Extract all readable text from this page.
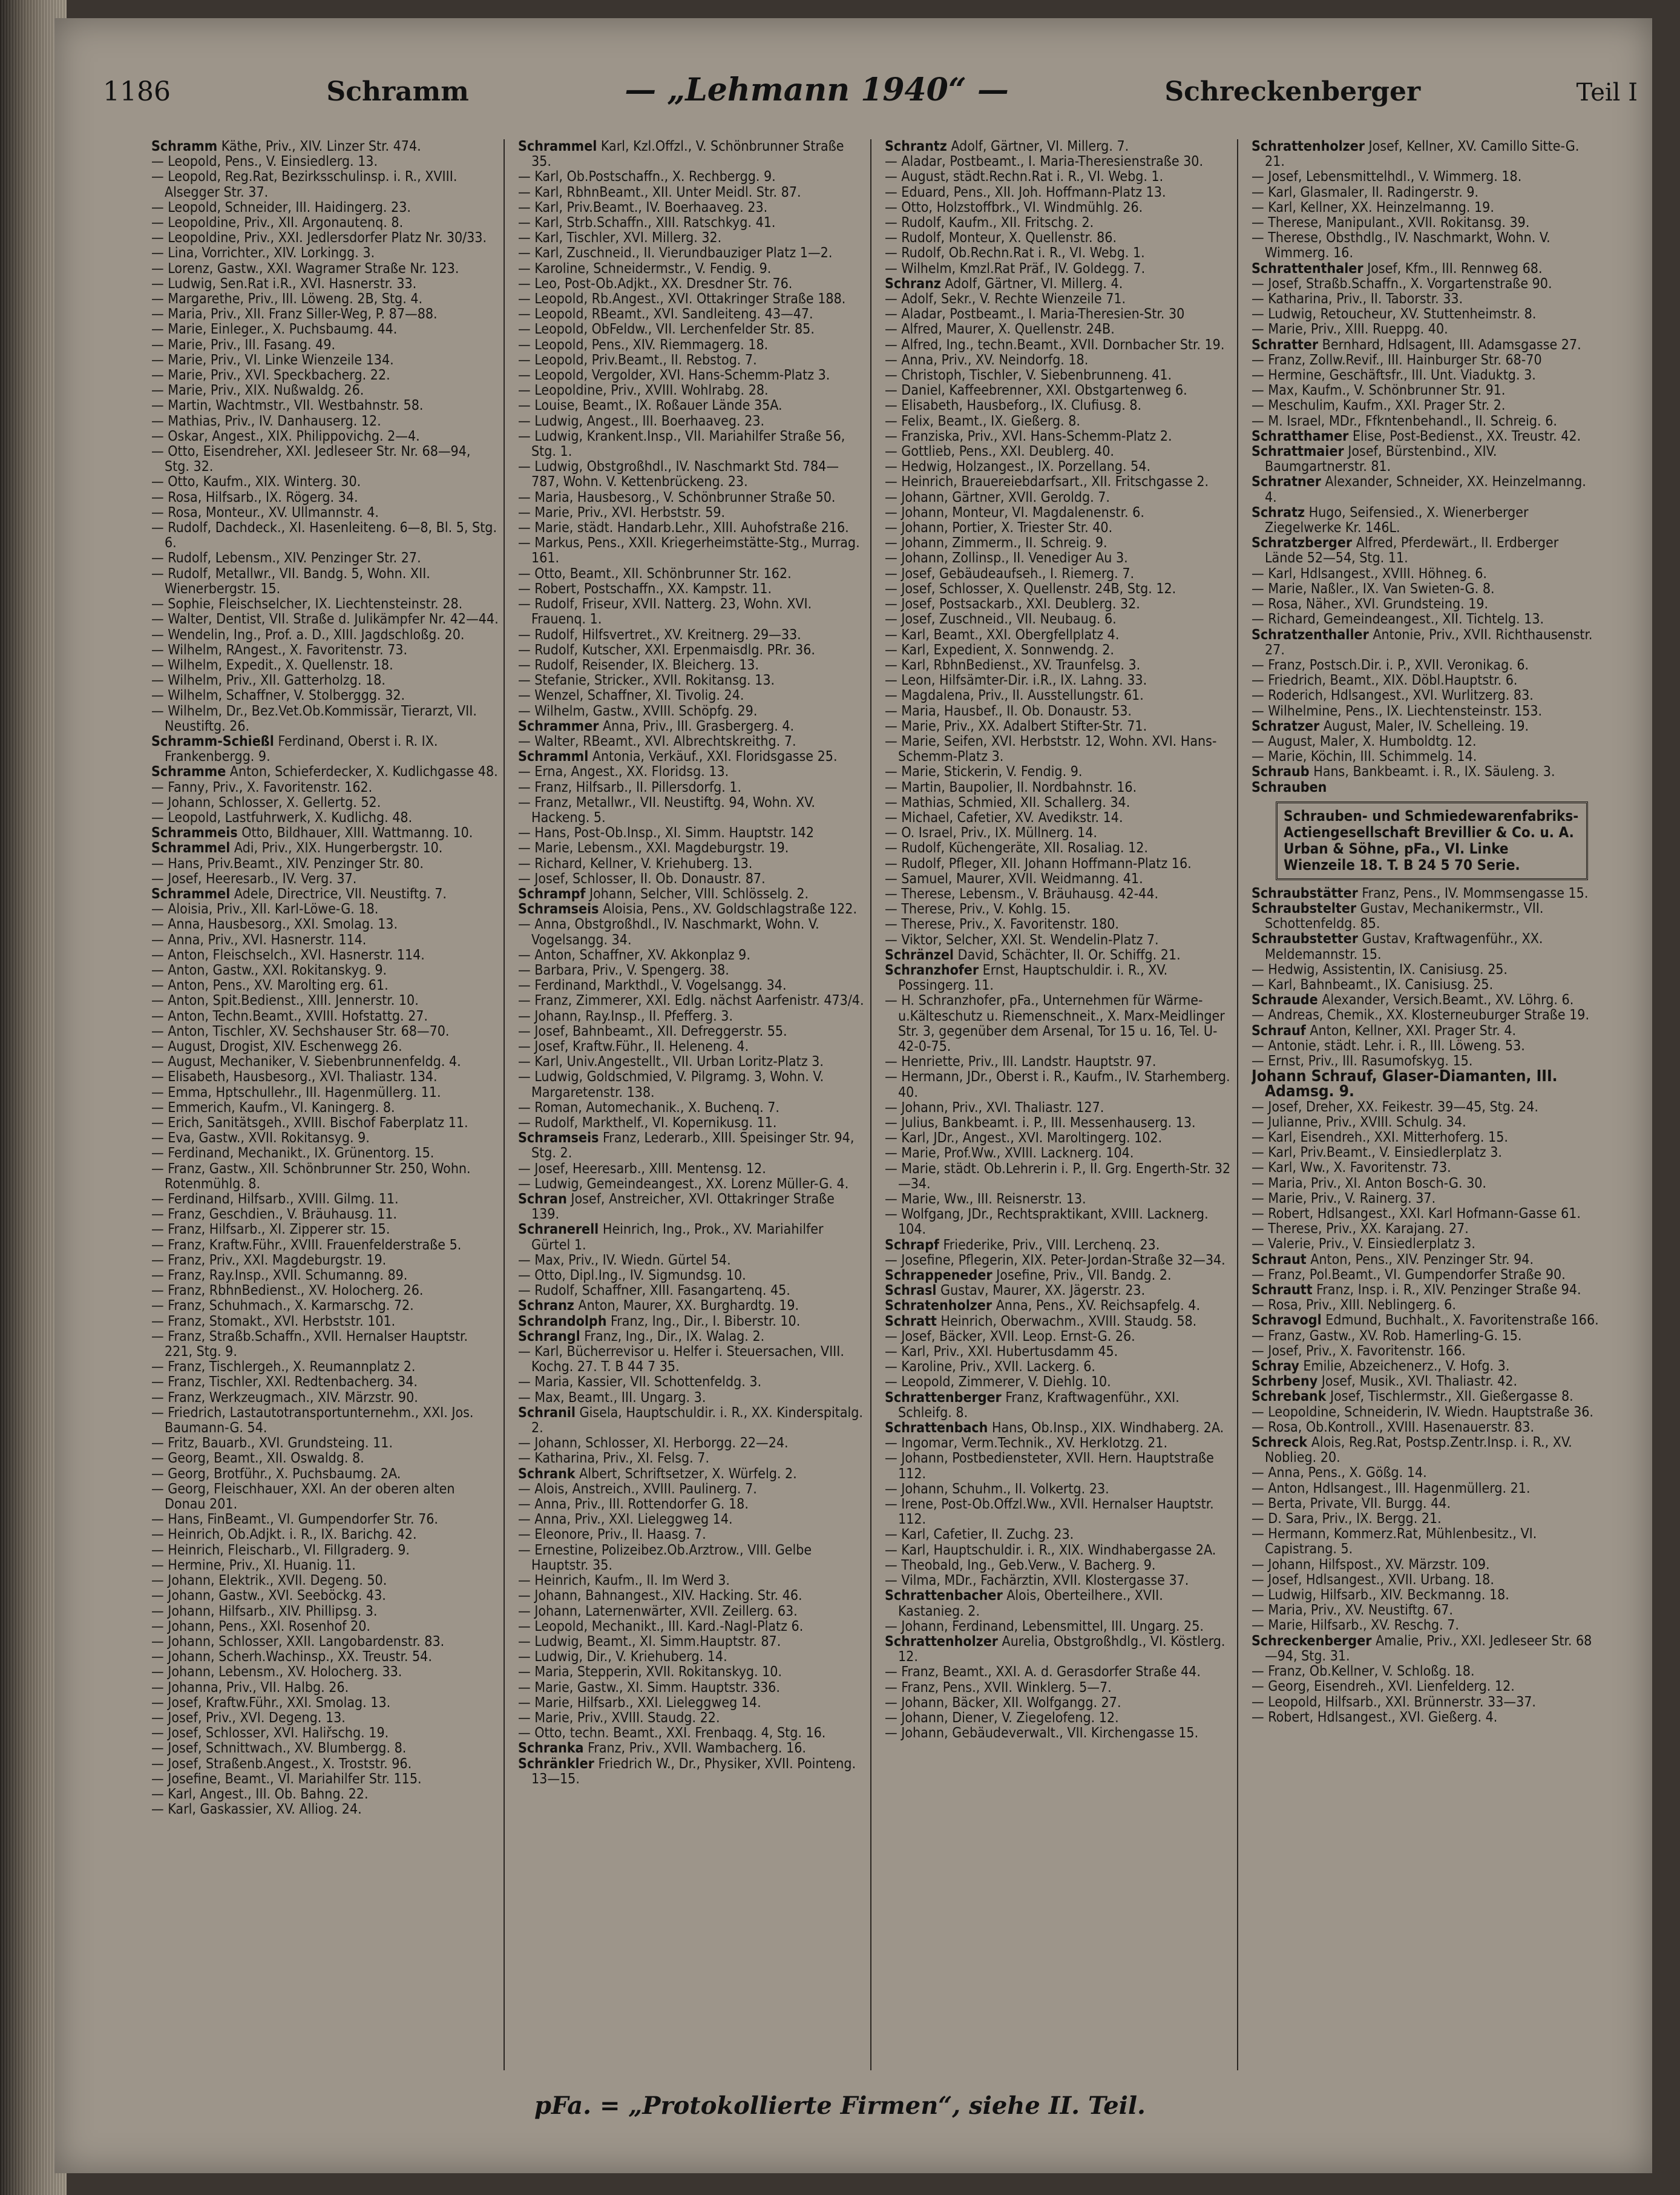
1186	Schramm	— „Lehmann 1940“ —	Schreckenberger	Teil I

Schramm Käthe, Priv., XIV. Linzer Str. 474.

— Leopold, Pens., V. Einsiedlerg. 13.

— Leopold, Reg.Rat, Bezirksschulinsp. i. R., XVIII. Alsegger Str. 37.

— Leopold, Schneider, III. Haidingerg. 23.

— Leopoldine, Priv., XII. Argonautenq. 8.

— Leopoldine, Priv., XXI. Jedlersdorfer Platz Nr. 30/33.

— Lina, Vorrichter., XIV. Lorkingg. 3.

— Lorenz, Gastw., XXI. Wagramer Straße Nr. 123.

— Ludwig, Sen.Rat i.R., XVI. Hasnerstr. 33.

— Margarethe, Priv., III. Löweng. 2B, Stg. 4.

— Maria, Priv., XII. Franz Siller-Weg, P. 87—88.

— Marie, Einleger., X. Puchsbaumg. 44.

— Marie, Priv., III. Fasang. 49.

— Marie, Priv., VI. Linke Wienzeile 134.

— Marie, Priv., XVI. Speckbacherg. 22.

— Marie, Priv., XIX. Nußwaldg. 26.

— Martin, Wachtmstr., VII. Westbahnstr. 58.

— Mathias, Priv., IV. Danhauserg. 12.

— Oskar, Angest., XIX. Philippovichg. 2—4.

— Otto, Eisendreher, XXI. Jedleseer Str. Nr. 68—94, Stg. 32.

— Otto, Kaufm., XIX. Winterg. 30.

— Rosa, Hilfsarb., IX. Rögerg. 34.

— Rosa, Monteur., XV. Ullmannstr. 4.

— Rudolf, Dachdeck., XI. Hasenleiteng. 6—8, Bl. 5, Stg. 6.

— Rudolf, Lebensm., XIV. Penzinger Str. 27.

— Rudolf, Metallwr., VII. Bandg. 5, Wohn. XII. Wienerbergstr. 15.

— Sophie, Fleischselcher, IX. Liechtensteinstr. 28.

— Walter, Dentist, VII. Straße d. Julikämpfer Nr. 42—44.

— Wendelin, Ing., Prof. a. D., XIII. Jagdschloßg. 20.

— Wilhelm, RAngest., X. Favoritenstr. 73.

— Wilhelm, Expedit., X. Quellenstr. 18.

— Wilhelm, Priv., XII. Gatterholzg. 18.

— Wilhelm, Schaffner, V. Stolberggg. 32.

— Wilhelm, Dr., Bez.Vet.Ob.Kommissär, Tierarzt, VII. Neustiftg. 26.

Schramm-Schießl Ferdinand, Oberst i. R. IX. Frankenbergg. 9.

Schramme Anton, Schieferdecker, X. Kudlichgasse 48.

— Fanny, Priv., X. Favoritenstr. 162.

— Johann, Schlosser, X. Gellertg. 52.

— Leopold, Lastfuhrwerk, X. Kudlichg. 48.

Schrammeis Otto, Bildhauer, XIII. Wattmanng. 10.

Schrammel Adi, Priv., XIX. Hungerbergstr. 10.

— Hans, Priv.Beamt., XIV. Penzinger Str. 80.

— Josef, Heeresarb., IV. Verg. 37.

Schrammel Adele, Directrice, VII. Neustiftg. 7.

— Aloisia, Priv., XII. Karl-Löwe-G. 18.

— Anna, Hausbesorg., XXI. Smolag. 13.

— Anna, Priv., XVI. Hasnerstr. 114.

— Anton, Fleischselch., XVI. Hasnerstr. 114.

— Anton, Gastw., XXI. Rokitanskyg. 9.

— Anton, Pens., XV. Marolting erg. 61.

— Anton, Spit.Bedienst., XIII. Jennerstr. 10.

— Anton, Techn.Beamt., XVIII. Hofstattg. 27.

— Anton, Tischler, XV. Sechshauser Str. 68—70.

— August, Drogist, XIV. Eschenwegg 26.

— August, Mechaniker, V. Siebenbrunnenfeldg. 4.

— Elisabeth, Hausbesorg., XVI. Thaliastr. 134.

— Emma, Hptschullehr., III. Hagenmüllerg. 11.

— Emmerich, Kaufm., VI. Kaningerg. 8.

— Erich, Sanitätsgeh., XVIII. Bischof Faberplatz 11.

— Eva, Gastw., XVII. Rokitansyg. 9.

— Ferdinand, Mechanikt., IX. Grünentorg. 15.

— Franz, Gastw., XII. Schönbrunner Str. 250, Wohn. Rotenmühlg. 8.

— Ferdinand, Hilfsarb., XVIII. Gilmg. 11.

— Franz, Geschdien., V. Bräuhausg. 11.

— Franz, Hilfsarb., XI. Zipperer str. 15.

— Franz, Kraftw.Führ., XVIII. Frauenfelderstraße 5.

— Franz, Priv., XXI. Magdeburgstr. 19.

— Franz, Ray.Insp., XVII. Schumanng. 89.

— Franz, RbhnBedienst., XV. Holocherg. 26.

— Franz, Schuhmach., X. Karmarschg. 72.

— Franz, Stomakt., XVI. Herbststr. 101.

— Franz, Straßb.Schaffn., XVII. Hernalser Hauptstr. 221, Stg. 9.

— Franz, Tischlergeh., X. Reumannplatz 2.

— Franz, Tischler, XXI. Redtenbacherg. 34.

— Franz, Werkzeugmach., XIV. Märzstr. 90.

— Friedrich, Lastautotransportunternehm., XXI. Jos. Baumann-G. 54.

— Fritz, Bauarb., XVI. Grundsteing. 11.

— Georg, Beamt., XII. Oswaldg. 8.

— Georg, Brotführ., X. Puchsbaumg. 2A.

— Georg, Fleischhauer, XXI. An der oberen alten Donau 201.

— Hans, FinBeamt., VI. Gumpendorfer Str. 76.

— Heinrich, Ob.Adjkt. i. R., IX. Barichg. 42.

— Heinrich, Fleischarb., VI. Fillgraderg. 9.

— Hermine, Priv., XI. Huanig. 11.

— Johann, Elektrik., XVII. Degeng. 50.

— Johann, Gastw., XVI. Seeböckg. 43.

— Johann, Hilfsarb., XIV. Phillipsg. 3.

— Johann, Pens., XXI. Rosenhof 20.

— Johann, Schlosser, XXII. Langobardenstr. 83.

— Johann, Scherh.Wachinsp., XX. Treustr. 54.

— Johann, Lebensm., XV. Holocherg. 33.

— Johanna, Priv., VII. Halbg. 26.

— Josef, Kraftw.Führ., XXI. Smolag. 13.

— Josef, Priv., XVI. Degeng. 13.

— Josef, Schlosser, XVI. Haliřschg. 19.

— Josef, Schnittwach., XV. Blumbergg. 8.

— Josef, Straßenb.Angest., X. Troststr. 96.

— Josefine, Beamt., VI. Mariahilfer Str. 115.

— Karl, Angest., III. Ob. Bahng. 22.

— Karl, Gaskassier, XV. Alliog. 24.

Schrammel Karl, Kzl.Offzl., V. Schönbrunner Straße 35.

— Karl, Ob.Postschaffn., X. Rechbergg. 9.

— Karl, RbhnBeamt., XII. Unter Meidl. Str. 87.

— Karl, Priv.Beamt., IV. Boerhaaveg. 23.

— Karl, Strb.Schaffn., XIII. Ratschkyg. 41.

— Karl, Tischler, XVI. Millerg. 32.

— Karl, Zuschneid., II. Vierundbauziger Platz 1—2.

— Karoline, Schneidermstr., V. Fendig. 9.

— Leo, Post-Ob.Adjkt., XX. Dresdner Str. 76.

— Leopold, Rb.Angest., XVI. Ottakringer Straße 188.

— Leopold, RBeamt., XVI. Sandleiteng. 43—47.

— Leopold, ObFeldw., VII. Lerchenfelder Str. 85.

— Leopold, Pens., XIV. Riemmagerg. 18.

— Leopold, Priv.Beamt., II. Rebstog. 7.

— Leopold, Vergolder, XVI. Hans-Schemm-Platz 3.

— Leopoldine, Priv., XVIII. Wohlrabg. 28.

— Louise, Beamt., IX. Roßauer Lände 35A.

— Ludwig, Angest., III. Boerhaaveg. 23.

— Ludwig, Krankent.Insp., VII. Mariahilfer Straße 56, Stg. 1.

— Ludwig, Obstgroßhdl., IV. Naschmarkt Std. 784—787, Wohn. V. Kettenbrückeng. 23.

— Maria, Hausbesorg., V. Schönbrunner Straße 50.

— Marie, Priv., XVI. Herbststr. 59.

— Marie, städt. Handarb.Lehr., XIII. Auhofstraße 216.

— Markus, Pens., XXII. Kriegerheimstätte-Stg., Murrag. 161.

— Otto, Beamt., XII. Schönbrunner Str. 162.

— Robert, Postschaffn., XX. Kampstr. 11.

— Rudolf, Friseur, XVII. Natterg. 23, Wohn. XVI. Frauenq. 1.

— Rudolf, Hilfsvertret., XV. Kreitnerg. 29—33.

— Rudolf, Kutscher, XXI. Erpenmaisdlg. PRr. 36.

— Rudolf, Reisender, IX. Bleicherg. 13.

— Stefanie, Stricker., XVII. Rokitansg. 13.

— Wenzel, Schaffner, XI. Tivolig. 24.

— Wilhelm, Gastw., XVIII. Schöpfg. 29.

Schrammer Anna, Priv., III. Grasbergerg. 4.

— Walter, RBeamt., XVI. Albrechtskreithg. 7.

Schramml Antonia, Verkäuf., XXI. Floridsgasse 25.

— Erna, Angest., XX. Floridsg. 13.

— Franz, Hilfsarb., II. Pillersdorfg. 1.

— Franz, Metallwr., VII. Neustiftg. 94, Wohn. XV. Hackeng. 5.

— Hans, Post-Ob.Insp., XI. Simm. Hauptstr. 142

— Marie, Lebensm., XXI. Magdeburgstr. 19.

— Richard, Kellner, V. Kriehuberg. 13.

— Josef, Schlosser, II. Ob. Donaustr. 87.

Schrampf Johann, Selcher, VIII. Schlösselg. 2.

Schramseis Aloisia, Pens., XV. Goldschlagstraße 122.

— Anna, Obstgroßhdl., IV. Naschmarkt, Wohn. V. Vogelsangg. 34.

— Anton, Schaffner, XV. Akkonplaz 9.

— Barbara, Priv., V. Spengerg. 38.

— Ferdinand, Markthdl., V. Vogelsangg. 34.

— Franz, Zimmerer, XXI. Edlg. nächst Aarfenistr. 473/4.

— Johann, Ray.Insp., II. Pfefferg. 3.

— Josef, Bahnbeamt., XII. Defreggerstr. 55.

— Josef, Kraftw.Führ., II. Heleneng. 4.

— Karl, Univ.Angestellt., VII. Urban Loritz-Platz 3.

— Ludwig, Goldschmied, V. Pilgramg. 3, Wohn. V. Margaretenstr. 138.

— Roman, Automechanik., X. Buchenq. 7.

— Rudolf, Markthelf., VI. Kopernikusg. 11.

Schramseis Franz, Lederarb., XIII. Speisinger Str. 94, Stg. 2.

— Josef, Heeresarb., XIII. Mentensg. 12.

— Ludwig, Gemeindeangest., XX. Lorenz Müller-G. 4.

Schran Josef, Anstreicher, XVI. Ottakringer Straße 139.

Schranerell Heinrich, Ing., Prok., XV. Mariahilfer Gürtel 1.

— Max, Priv., IV. Wiedn. Gürtel 54.

— Otto, Dipl.Ing., IV. Sigmundsg. 10.

— Rudolf, Schaffner, XIII. Fasangartenq. 45.

Schranz Anton, Maurer, XX. Burghardtg. 19.

Schrandolph Franz, Ing., Dir., I. Biberstr. 10.

Schrangl Franz, Ing., Dir., IX. Walag. 2.

— Karl, Bücherrevisor u. Helfer i. Steuersachen, VIII. Kochg. 27. T. B 44 7 35.

— Maria, Kassier, VII. Schottenfeldg. 3.

— Max, Beamt., III. Ungarg. 3.

Schranil Gisela, Hauptschuldir. i. R., XX. Kinderspitalg. 2.

— Johann, Schlosser, XI. Herborgg. 22—24.

— Katharina, Priv., XI. Felsg. 7.

Schrank Albert, Schriftsetzer, X. Würfelg. 2.

— Alois, Anstreich., XVIII. Paulinerg. 7.

— Anna, Priv., III. Rottendorfer G. 18.

— Anna, Priv., XXI. Lieleggweg 14.

— Eleonore, Priv., II. Haasg. 7.

— Ernestine, Polizeibez.Ob.Arztrow., VIII. Gelbe Hauptstr. 35.

— Heinrich, Kaufm., II. Im Werd 3.

— Johann, Bahnangest., XIV. Hacking. Str. 46.

— Johann, Laternenwärter, XVII. Zeillerg. 63.

— Leopold, Mechanikt., III. Kard.-Nagl-Platz 6.

— Ludwig, Beamt., XI. Simm.Hauptstr. 87.

— Ludwig, Dir., V. Kriehuberg. 14.

— Maria, Stepperin, XVII. Rokitanskyg. 10.

— Marie, Gastw., XI. Simm. Hauptstr. 336.

— Marie, Hilfsarb., XXI. Lieleggweg 14.

— Marie, Priv., XVIII. Staudg. 22.

— Otto, techn. Beamt., XXI. Frenbaqg. 4, Stg. 16.

Schranka Franz, Priv., XVII. Wambacherg. 16.

Schränkler Friedrich W., Dr., Physiker, XVII. Pointeng. 13—15.

Schrantz Adolf, Gärtner, VI. Millerg. 7.

— Aladar, Postbeamt., I. Maria-Theresienstraße 30.

— August, städt.Rechn.Rat i. R., VI. Webg. 1.

— Eduard, Pens., XII. Joh. Hoffmann-Platz 13.

— Otto, Holzstoffbrk., VI. Windmühlg. 26.

— Rudolf, Kaufm., XII. Fritschg. 2.

— Rudolf, Monteur, X. Quellenstr. 86.

— Rudolf, Ob.Rechn.Rat i. R., VI. Webg. 1.

— Wilhelm, Kmzl.Rat Präf., IV. Goldegg. 7.

Schranz Adolf, Gärtner, VI. Millerg. 4.

— Adolf, Sekr., V. Rechte Wienzeile 71.

— Aladar, Postbeamt., I. Maria-Theresien-Str. 30

— Alfred, Maurer, X. Quellenstr. 24B.

— Alfred, Ing., techn.Beamt., XVII. Dornbacher Str. 19.

— Anna, Priv., XV. Neindorfg. 18.

— Christoph, Tischler, V. Siebenbrunneng. 41.

— Daniel, Kaffeebrenner, XXI. Obstgartenweg 6.

— Elisabeth, Hausbeforg., IX. Clufiusg. 8.

— Felix, Beamt., IX. Gießerg. 8.

— Franziska, Priv., XVI. Hans-Schemm-Platz 2.

— Gottlieb, Pens., XXI. Deublerg. 40.

— Hedwig, Holzangest., IX. Porzellang. 54.

— Heinrich, Brauereiebdarfsart., XII. Fritschgasse 2.

— Johann, Gärtner, XVII. Geroldg. 7.

— Johann, Monteur, VI. Magdalenenstr. 6.

— Johann, Portier, X. Triester Str. 40.

— Johann, Zimmerm., II. Schreig. 9.

— Johann, Zollinsp., II. Venediger Au 3.

— Josef, Gebäudeaufseh., I. Riemerg. 7.

— Josef, Schlosser, X. Quellenstr. 24B, Stg. 12.

— Josef, Postsackarb., XXI. Deublerg. 32.

— Josef, Zuschneid., VII. Neubaug. 6.

— Karl, Beamt., XXI. Obergfellplatz 4.

— Karl, Expedient, X. Sonnwendg. 2.

— Karl, RbhnBedienst., XV. Traunfelsg. 3.

— Leon, Hilfsämter-Dir. i.R., IX. Lahng. 33.

— Magdalena, Priv., II. Ausstellungstr. 61.

— Maria, Hausbef., II. Ob. Donaustr. 53.

— Marie, Priv., XX. Adalbert Stifter-Str. 71.

— Marie, Seifen, XVI. Herbststr. 12, Wohn. XVI. Hans-Schemm-Platz 3.

— Marie, Stickerin, V. Fendig. 9.

— Martin, Baupolier, II. Nordbahnstr. 16.

— Mathias, Schmied, XII. Schallerg. 34.

— Michael, Cafetier, XV. Avedikstr. 14.

— O. Israel, Priv., IX. Müllnerg. 14.

— Rudolf, Küchengeräte, XII. Rosaliag. 12.

— Rudolf, Pfleger, XII. Johann Hoffmann-Platz 16.

— Samuel, Maurer, XVII. Weidmanng. 41.

— Therese, Lebensm., V. Bräuhausg. 42-44.

— Therese, Priv., V. Kohlg. 15.

— Therese, Priv., X. Favoritenstr. 180.

— Viktor, Selcher, XXI. St. Wendelin-Platz 7.

Schränzel David, Schächter, II. Or. Schiffg. 21.

Schranzhofer Ernst, Hauptschuldir. i. R., XV. Possingerg. 11.

— H. Schranzhofer, pFa., Unternehmen für Wärme-u.Kälteschutz u. Riemenschneit., X. Marx-Meidlinger Str. 3, gegenüber dem Arsenal, Tor 15 u. 16, Tel. U-42-0-75.

— Henriette, Priv., III. Landstr. Hauptstr. 97.

— Hermann, JDr., Oberst i. R., Kaufm., IV. Starhemberg. 40.

— Johann, Priv., XVI. Thaliastr. 127.

— Julius, Bankbeamt. i. P., III. Messenhauserg. 13.

— Karl, JDr., Angest., XVI. Maroltingerg. 102.

— Marie, Prof.Ww., XVIII. Lacknerg. 104.

— Marie, städt. Ob.Lehrerin i. P., II. Grg. Engerth-Str. 32—34.

— Marie, Ww., III. Reisnerstr. 13.

— Wolfgang, JDr., Rechtspraktikant, XVIII. Lacknerg. 104.

Schrapf Friederike, Priv., VIII. Lerchenq. 23.

— Josefine, Pflegerin, XIX. Peter-Jordan-Straße 32—34.

Schrappeneder Josefine, Priv., VII. Bandg. 2.

Schrasl Gustav, Maurer, XX. Jägerstr. 23.

Schratenholzer Anna, Pens., XV. Reichsapfelg. 4.

Schratt Heinrich, Oberwachm., XVIII. Staudg. 58.

— Josef, Bäcker, XVII. Leop. Ernst-G. 26.

— Karl, Priv., XXI. Hubertusdamm 45.

— Karoline, Priv., XVII. Lackerg. 6.

— Leopold, Zimmerer, V. Diehlg. 10.

Schrattenberger Franz, Kraftwagenführ., XXI. Schleifg. 8.

Schrattenbach Hans, Ob.Insp., XIX. Windhaberg. 2A.

— Ingomar, Verm.Technik., XV. Herklotzg. 21.

— Johann, Postbediensteter, XVII. Hern. Hauptstraße 112.

— Johann, Schuhm., II. Volkertg. 23.

— Irene, Post-Ob.Offzl.Ww., XVII. Hernalser Hauptstr. 112.

— Karl, Cafetier, II. Zuchg. 23.

— Karl, Hauptschuldir. i. R., XIX. Windhabergasse 2A.

— Theobald, Ing., Geb.Verw., V. Bacherg. 9.

— Vilma, MDr., Fachärztin, XVII. Klostergasse 37.

Schrattenbacher Alois, Oberteilhere., XVII. Kastanieg. 2.

— Johann, Ferdinand, Lebensmittel, III. Ungarg. 25.

Schrattenholzer Aurelia, Obstgroßhdlg., VI. Köstlerg. 12.

— Franz, Beamt., XXI. A. d. Gerasdorfer Straße 44.

— Franz, Pens., XVII. Winklerg. 5—7.

— Johann, Bäcker, XII. Wolfgangg. 27.

— Johann, Diener, V. Ziegelofeng. 12.

— Johann, Gebäudeverwalt., VII. Kirchengasse 15.

Schrattenholzer Josef, Kellner, XV. Camillo Sitte-G. 21.

— Josef, Lebensmittelhdl., V. Wimmerg. 18.

— Karl, Glasmaler, II. Radingerstr. 9.

— Karl, Kellner, XX. Heinzelmanng. 19.

— Therese, Manipulant., XVII. Rokitansg. 39.

— Therese, Obsthdlg., IV. Naschmarkt, Wohn. V. Wimmerg. 16.

Schrattenthaler Josef, Kfm., III. Rennweg 68.

— Josef, Straßb.Schaffn., X. Vorgartenstraße 90.

— Katharina, Priv., II. Taborstr. 33.

— Ludwig, Retoucheur, XV. Stuttenheimstr. 8.

— Marie, Priv., XIII. Rueppg. 40.

Schratter Bernhard, Hdlsagent, III. Adamsgasse 27.

— Franz, Zollw.Revif., III. Hainburger Str. 68-70

— Hermine, Geschäftsfr., III. Unt. Viaduktg. 3.

— Max, Kaufm., V. Schönbrunner Str. 91.

— Meschulim, Kaufm., XXI. Prager Str. 2.

— M. Israel, MDr., Ffkntenbehandl., II. Schreig. 6.

Schratthamer Elise, Post-Bedienst., XX. Treustr. 42.

Schrattmaier Josef, Bürstenbind., XIV. Baumgartnerstr. 81.

Schratner Alexander, Schneider, XX. Heinzelmanng. 4.

Schratz Hugo, Seifensied., X. Wienerberger Ziegelwerke Kr. 146L.

Schratzberger Alfred, Pferdewärt., II. Erdberger Lände 52—54, Stg. 11.

— Karl, Hdlsangest., XVIII. Höhneg. 6.

— Marie, Naßler., IX. Van Swieten-G. 8.

— Rosa, Näher., XVI. Grundsteing. 19.

— Richard, Gemeindeangest., XII. Tichtelg. 13.

Schratzenthaller Antonie, Priv., XVII. Richthausenstr. 27.

— Franz, Postsch.Dir. i. P., XVII. Veronikag. 6.

— Friedrich, Beamt., XIX. Döbl.Hauptstr. 6.

— Roderich, Hdlsangest., XVI. Wurlitzerg. 83.

— Wilhelmine, Pens., IX. Liechtensteinstr. 153.

Schratzer August, Maler, IV. Schelleing. 19.

— August, Maler, X. Humboldtg. 12.

— Marie, Köchin, III. Schimmelg. 14.

Schraub Hans, Bankbeamt. i. R., IX. Säuleng. 3.

Schrauben

Schrauben- und Schmiedewarenfabriks-Actiengesellschaft Brevillier & Co. u. A. Urban & Söhne, pFa., VI. Linke Wienzeile 18. T. B 24 5 70 Serie.

Schraubstätter Franz, Pens., IV. Mommsengasse 15.

Schraubstelter Gustav, Mechanikermstr., VII. Schottenfeldg. 85.

Schraubstetter Gustav, Kraftwagenführ., XX. Meldemannstr. 15.

— Hedwig, Assistentin, IX. Canisiusg. 25.

— Karl, Bahnbeamt., IX. Canisiusg. 25.

Schraude Alexander, Versich.Beamt., XV. Löhrg. 6.

— Andreas, Chemik., XX. Klosterneuburger Straße 19.

Schrauf Anton, Kellner, XXI. Prager Str. 4.

— Antonie, städt. Lehr. i. R., III. Löweng. 53.

— Ernst, Priv., III. Rasumofskyg. 15.

Johann Schrauf, Glaser-Diamanten, III. Adamsg. 9.

— Josef, Dreher, XX. Feikestr. 39—45, Stg. 24.

— Julianne, Priv., XVIII. Schulg. 34.

— Karl, Eisendreh., XXI. Mitterhoferg. 15.

— Karl, Priv.Beamt., V. Einsiedlerplatz 3.

— Karl, Ww., X. Favoritenstr. 73.

— Maria, Priv., XI. Anton Bosch-G. 30.

— Marie, Priv., V. Rainerg. 37.

— Robert, Hdlsangest., XXI. Karl Hofmann-Gasse 61.

— Therese, Priv., XX. Karajang. 27.

— Valerie, Priv., V. Einsiedlerplatz 3.

Schraut Anton, Pens., XIV. Penzinger Str. 94.

— Franz, Pol.Beamt., VI. Gumpendorfer Straße 90.

Schrautt Franz, Insp. i. R., XIV. Penzinger Straße 94.

— Rosa, Priv., XIII. Neblingerg. 6.

Schravogl Edmund, Buchhalt., X. Favoritenstraße 166.

— Franz, Gastw., XV. Rob. Hamerling-G. 15.

— Josef, Priv., X. Favoritenstr. 166.

Schray Emilie, Abzeichenerz., V. Hofg. 3.

Schrbeny Josef, Musik., XVI. Thaliastr. 42.

Schrebank Josef, Tischlermstr., XII. Gießergasse 8.

— Leopoldine, Schneiderin, IV. Wiedn. Hauptstraße 36.

— Rosa, Ob.Kontroll., XVIII. Hasenauerstr. 83.

Schreck Alois, Reg.Rat, Postsp.Zentr.Insp. i. R., XV. Noblieg. 20.

— Anna, Pens., X. Gößg. 14.

— Anton, Hdlsangest., III. Hagenmüllerg. 21.

— Berta, Private, VII. Burgg. 44.

— D. Sara, Priv., IX. Bergg. 21.

— Hermann, Kommerz.Rat, Mühlenbesitz., VI. Capistrang. 5.

— Johann, Hilfspost., XV. Märzstr. 109.

— Josef, Hdlsangest., XVII. Urbang. 18.

— Ludwig, Hilfsarb., XIV. Beckmanng. 18.

— Maria, Priv., XV. Neustiftg. 67.

— Marie, Hilfsarb., XV. Reschg. 7.

Schreckenberger Amalie, Priv., XXI. Jedleseer Str. 68—94, Stg. 31.

— Franz, Ob.Kellner, V. Schloßg. 18.

— Georg, Eisendreh., XVI. Lienfelderg. 12.

— Leopold, Hilfsarb., XXI. Brünnerstr. 33—37.

— Robert, Hdlsangest., XVI. Gießerg. 4.

pFa. = „Protokollierte Firmen“, siehe II. Teil.
